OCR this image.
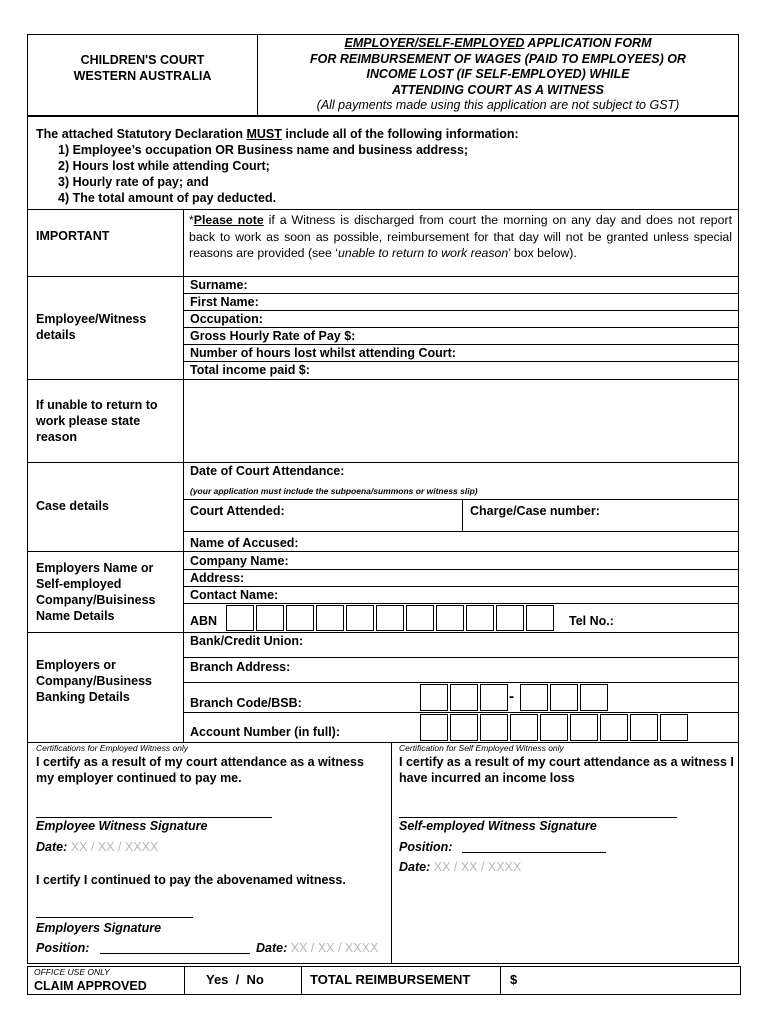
CHILDREN'S COURT
WESTERN AUSTRALIA
EMPLOYER/SELF-EMPLOYED APPLICATION FORM
FOR REIMBURSEMENT OF WAGES (PAID TO EMPLOYEES) OR
INCOME LOST (IF SELF-EMPLOYED) WHILE
ATTENDING COURT AS A WITNESS
(All payments made using this application are not subject to GST)
The attached Statutory Declaration MUST include all of the following information:
1) Employee’s occupation OR Business name and business address;
2) Hours lost while attending Court;
3) Hourly rate of pay; and
4) The total amount of pay deducted.
IMPORTANT
*Please note if a Witness is discharged from court the morning on any day and does not report back to work as soon as possible, reimbursement for that day will not be granted unless special reasons are provided (see ‘unable to return to work reason’ box below).
Employee/Witness details
Surname:
First Name:
Occupation:
Gross Hourly Rate of Pay $:
Number of hours lost whilst attending Court:
Total income paid $:
If unable to return to work please state reason
Case details
Date of Court Attendance:
(your application must include the subpoena/summons or witness slip)
Court Attended:	Charge/Case number:
Name of Accused:
Employers Name or Self-employed Company/Buisiness Name Details
Company Name:
Address:
Contact Name:
ABN	Tel No.:
Employers or Company/Business Banking Details
Bank/Credit Union:
Branch Address:
Branch Code/BSB:	-
Account Number (in full):
Certifications for Employed Witness only
I certify as a result of my court attendance as a witness my employer continued to pay me.
Employee Witness Signature
Date: XX / XX / XXXX
I certify I continued to pay the abovenamed witness.
Employers Signature
Position:	Date: XX / XX / XXXX
Certification for Self Employed Witness only
I certify as a result of my court attendance as a witness I have incurred an income loss
Self-employed Witness Signature
Position:
Date: XX / XX / XXXX
OFFICE USE ONLY
CLAIM APPROVED	Yes  /  No	TOTAL REIMBURSEMENT	$
